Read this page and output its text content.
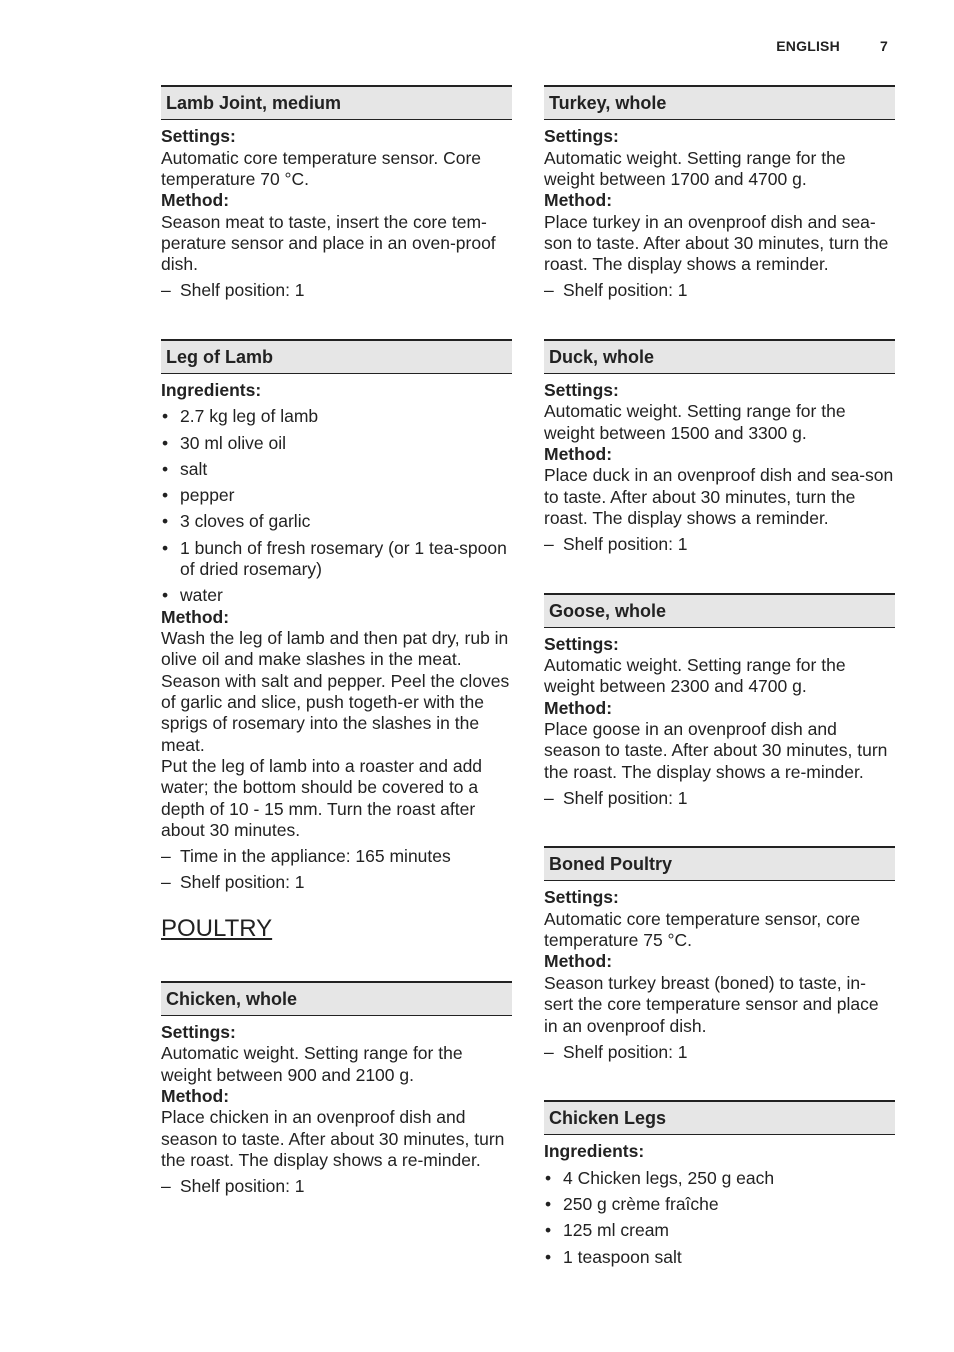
ENGLISH	7
Lamb Joint, medium
Settings:
Automatic core temperature sensor. Core temperature 70 °C.
Method:
Season meat to taste, insert the core tem-perature sensor and place in an oven-proof dish.
– Shelf position: 1
Leg of Lamb
Ingredients:
• 2.7 kg leg of lamb
• 30 ml olive oil
• salt
• pepper
• 3 cloves of garlic
• 1 bunch of fresh rosemary (or 1 tea-spoon of dried rosemary)
• water
Method:
Wash the leg of lamb and then pat dry, rub in olive oil and make slashes in the meat. Season with salt and pepper. Peel the cloves of garlic and slice, push togeth-er with the sprigs of rosemary into the slashes in the meat.
Put the leg of lamb into a roaster and add water; the bottom should be covered to a depth of 10 - 15 mm. Turn the roast after about 30 minutes.
– Time in the appliance: 165 minutes
– Shelf position: 1
POULTRY
Chicken, whole
Settings:
Automatic weight. Setting range for the weight between 900 and 2100 g.
Method:
Place chicken in an ovenproof dish and season to taste. After about 30 minutes, turn the roast. The display shows a re-minder.
– Shelf position: 1
Turkey, whole
Settings:
Automatic weight. Setting range for the weight between 1700 and 4700 g.
Method:
Place turkey in an ovenproof dish and sea-son to taste. After about 30 minutes, turn the roast. The display shows a reminder.
– Shelf position: 1
Duck, whole
Settings:
Automatic weight. Setting range for the weight between 1500 and 3300 g.
Method:
Place duck in an ovenproof dish and sea-son to taste. After about 30 minutes, turn the roast. The display shows a reminder.
– Shelf position: 1
Goose, whole
Settings:
Automatic weight. Setting range for the weight between 2300 and 4700 g.
Method:
Place goose in an ovenproof dish and season to taste. After about 30 minutes, turn the roast. The display shows a re-minder.
– Shelf position: 1
Boned Poultry
Settings:
Automatic core temperature sensor, core temperature 75 °C.
Method:
Season turkey breast (boned) to taste, in-sert the core temperature sensor and place in an ovenproof dish.
– Shelf position: 1
Chicken Legs
Ingredients:
• 4 Chicken legs, 250 g each
• 250 g crème fraîche
• 125 ml cream
• 1 teaspoon salt
